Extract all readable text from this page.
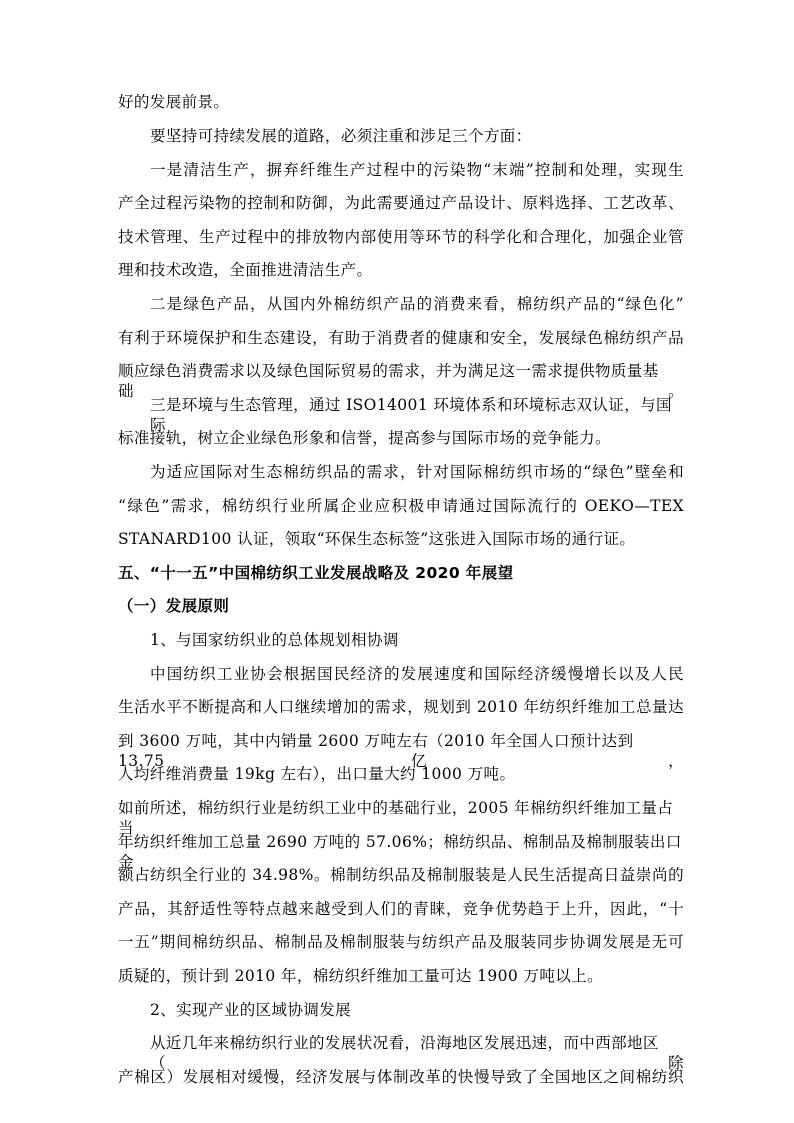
好的发展前景。
要坚持可持续发展的道路，必须注重和涉足三个方面：
一是清洁生产，摒弃纤维生产过程中的污染物“末端”控制和处理，实现生
产全过程污染物的控制和防御，为此需要通过产品设计、原料选择、工艺改革、
技术管理、生产过程中的排放物内部使用等环节的科学化和合理化，加强企业管
理和技术改造，全面推进清洁生产。
二是绿色产品，从国内外棉纺织产品的消费来看，棉纺织产品的“绿色化”
有利于环境保护和生态建设，有助于消费者的健康和安全，发展绿色棉纺织产品
顺应绿色消费需求以及绿色国际贸易的需求，并为满足这一需求提供物质量基础。
三是环境与生态管理，通过 ISO14001 环境体系和环境标志双认证，与国际
标准接轨，树立企业绿色形象和信誉，提高参与国际市场的竞争能力。
为适应国际对生态棉纺织品的需求，针对国际棉纺织市场的“绿色”壁垒和
“绿色”需求，棉纺织行业所属企业应积极申请通过国际流行的 OEKO—TEX
STANARD100 认证，领取“环保生态标签”这张进入国际市场的通行证。
五、“十一五”中国棉纺织工业发展战略及 2020 年展望
（一）发展原则
1、与国家纺织业的总体规划相协调
中国纺织工业协会根据国民经济的发展速度和国际经济缓慢增长以及人民
生活水平不断提高和人口继续增加的需求，规划到 2010 年纺织纤维加工总量达
到 3600 万吨，其中内销量 2600 万吨左右（2010 年全国人口预计达到 13.75 亿，
人均纤维消费量 19kg 左右），出口量大约 1000 万吨。
如前所述，棉纺织行业是纺织工业中的基础行业，2005 年棉纺织纤维加工量占当
年纺织纤维加工总量 2690 万吨的 57.06%；棉纺织品、棉制品及棉制服装出口金
额占纺织全行业的 34.98%。棉制纺织品及棉制服装是人民生活提高日益崇尚的
产品，其舒适性等特点越来越受到人们的青睐，竞争优势趋于上升，因此，“十
一五”期间棉纺织品、棉制品及棉制服装与纺织产品及服装同步协调发展是无可
质疑的，预计到 2010 年，棉纺织纤维加工量可达 1900 万吨以上。
2、实现产业的区域协调发展
从近几年来棉纺织行业的发展状况看，沿海地区发展迅速，而中西部地区（除
产棉区）发展相对缓慢，经济发展与体制改革的快慢导致了全国地区之间棉纺织
